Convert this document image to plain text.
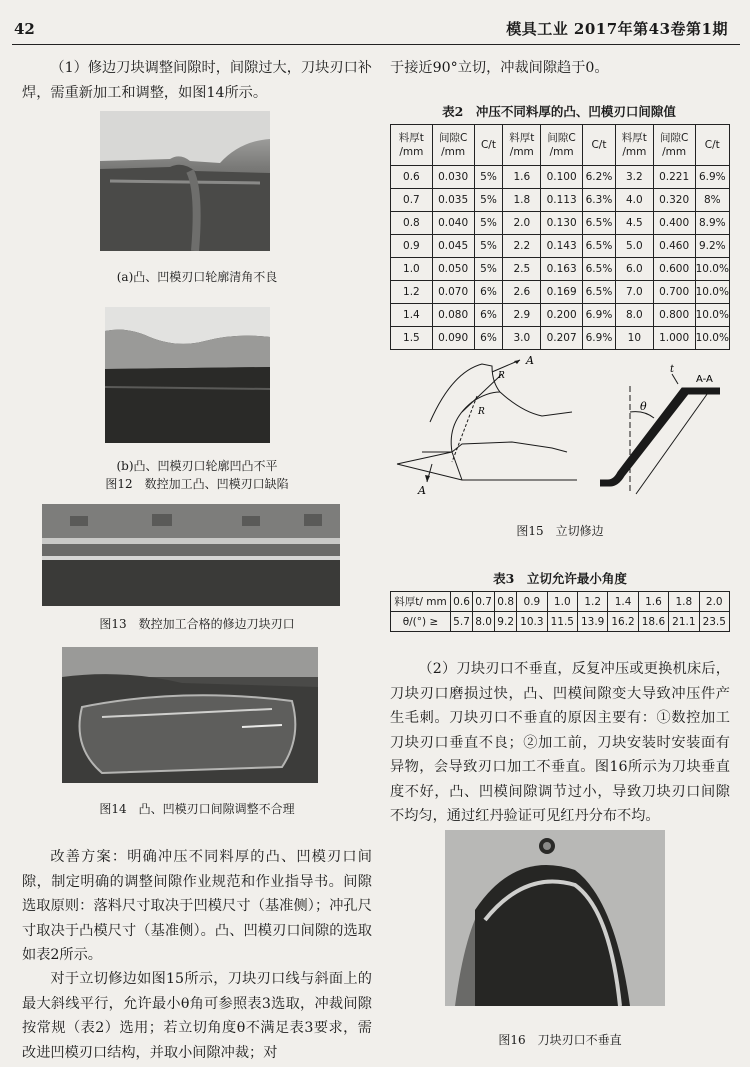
42	模具工业 2017年第43卷第1期

（1）修边刀块调整间隙时，间隙过大，刀块刃口补焊，需重新加工和调整，如图14所示。

(a)凸、凹模刃口轮廓清角不良
(b)凸、凹模刃口轮廓凹凸不平
图12　数控加工凸、凹模刃口缺陷
图13　数控加工合格的修边刀块刃口
图14　凸、凹模刃口间隙调整不合理

改善方案：明确冲压不同料厚的凸、凹模刃口间隙，制定明确的调整间隙作业规范和作业指导书。间隙选取原则：落料尺寸取决于凹模尺寸（基准侧）；冲孔尺寸取决于凸模尺寸（基准侧）。凸、凹模刃口间隙的选取如表2所示。

对于立切修边如图15所示，刀块刃口线与斜面上的最大斜线平行，允许最小θ角可参照表3选取，冲裁间隙按常规（表2）选用；若立切角度θ不满足表3要求，需改进凹模刃口结构，并取小间隙冲裁；对

于接近90°立切，冲裁间隙趋于0。

表2　冲压不同料厚的凸、凹模刃口间隙值
料厚t /mm	间隙C /mm	C/t	料厚t /mm	间隙C /mm	C/t	料厚t /mm	间隙C /mm	C/t
0.6	0.030	5%	1.6	0.100	6.2%	3.2	0.221	6.9%
0.7	0.035	5%	1.8	0.113	6.3%	4.0	0.320	8%
0.8	0.040	5%	2.0	0.130	6.5%	4.5	0.400	8.9%
0.9	0.045	5%	2.2	0.143	6.5%	5.0	0.460	9.2%
1.0	0.050	5%	2.5	0.163	6.5%	6.0	0.600	10.0%
1.2	0.070	6%	2.6	0.169	6.5%	7.0	0.700	10.0%
1.4	0.080	6%	2.9	0.200	6.9%	8.0	0.800	10.0%
1.5	0.090	6%	3.0	0.207	6.9%	10	1.000	10.0%
A
R
R
A
θ
t
A-A
图15　立切修边
表3　立切允许最小角度
料厚t/ mm	0.6	0.7	0.8	0.9	1.0	1.2	1.4	1.6	1.8	2.0
θ/(°) ≥	5.7	8.0	9.2	10.3	11.5	13.9	16.2	18.6	21.1	23.5

（2）刀块刃口不垂直，反复冲压或更换机床后，刀块刃口磨损过快，凸、凹模间隙变大导致冲压件产生毛刺。刀块刃口不垂直的原因主要有：①数控加工刀块刃口垂直不良；②加工前，刀块安装时安装面有异物，会导致刃口加工不垂直。图16所示为刀块垂直度不好，凸、凹模间隙调节过小，导致刀块刃口间隙不均匀，通过红丹验证可见红丹分布不均。

图16　刀块刃口不垂直
